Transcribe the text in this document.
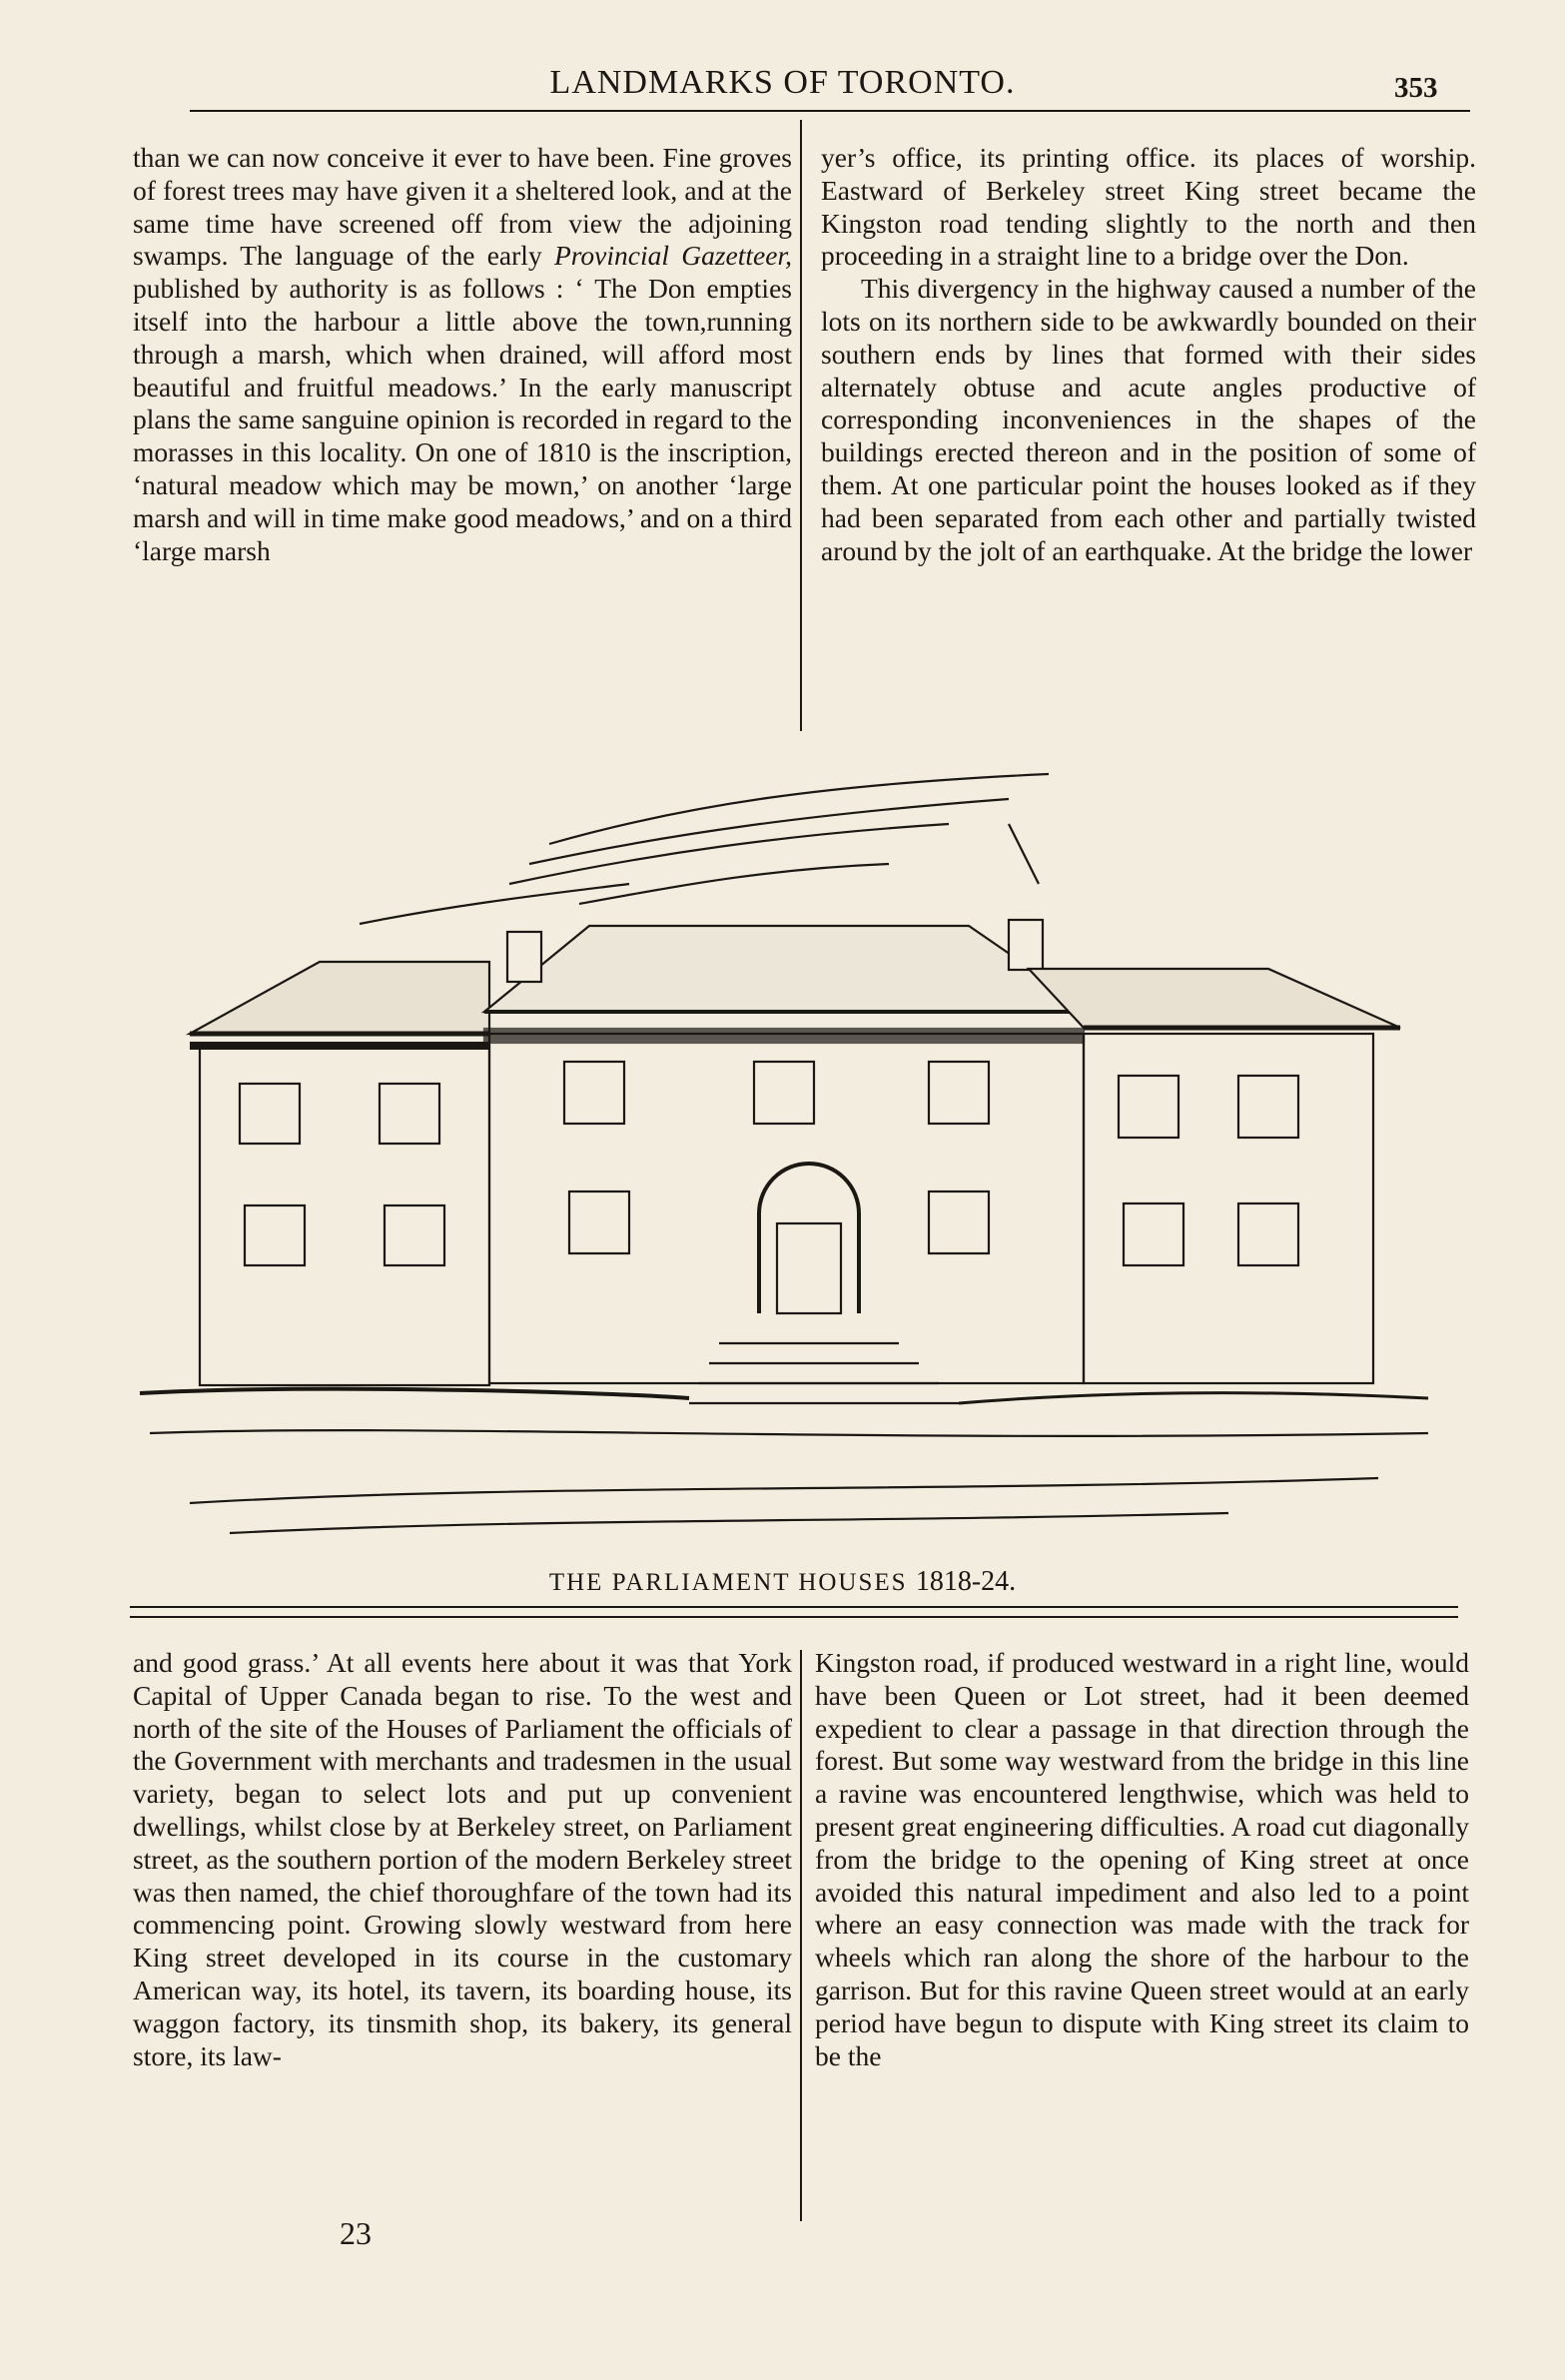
LANDMARKS OF TORONTO.	353

than we can now conceive it ever to have been. Fine groves of forest trees may have given it a sheltered look, and at the same time have screened off from view the adjoining swamps. The language of the early Provincial Gazetteer, published by authority is as follows : ‘ The Don empties itself into the harbour a little above the town,running through a marsh, which when drained, will afford most beautiful and fruitful meadows.’ In the early manuscript plans the same sanguine opinion is recorded in regard to the morasses in this locality. On one of 1810 is the inscription, ‘natural meadow which may be mown,’ on another ‘large marsh and will in time make good meadows,’ and on a third ‘large marsh

yer’s office, its printing office. its places of worship. Eastward of Berkeley street King street became the Kingston road tending slightly to the north and then proceeding in a straight line to a bridge over the Don.

This divergency in the highway caused a number of the lots on its northern side to be awkwardly bounded on their southern ends by lines that formed with their sides alternately obtuse and acute angles productive of corresponding inconveniences in the shapes of the buildings erected thereon and in the position of some of them. At one particular point the houses looked as if they had been separated from each other and partially twisted around by the jolt of an earthquake. At the bridge the lower

THE PARLIAMENT HOUSES 1818-24.

and good grass.’ At all events here about it was that York Capital of Upper Canada began to rise. To the west and north of the site of the Houses of Parliament the officials of the Government with merchants and tradesmen in the usual variety, began to select lots and put up convenient dwellings, whilst close by at Berkeley street, on Parliament street, as the southern portion of the modern Berkeley street was then named, the chief thoroughfare of the town had its commencing point. Growing slowly westward from here King street developed in its course in the customary American way, its hotel, its tavern, its boarding house, its waggon factory, its tinsmith shop, its bakery, its general store, its law-

Kingston road, if produced westward in a right line, would have been Queen or Lot street, had it been deemed expedient to clear a passage in that direction through the forest. But some way westward from the bridge in this line a ravine was encountered lengthwise, which was held to present great engineering difficulties. A road cut diagonally from the bridge to the opening of King street at once avoided this natural impediment and also led to a point where an easy connection was made with the track for wheels which ran along the shore of the harbour to the garrison. But for this ravine Queen street would at an early period have begun to dispute with King street its claim to be the

23
